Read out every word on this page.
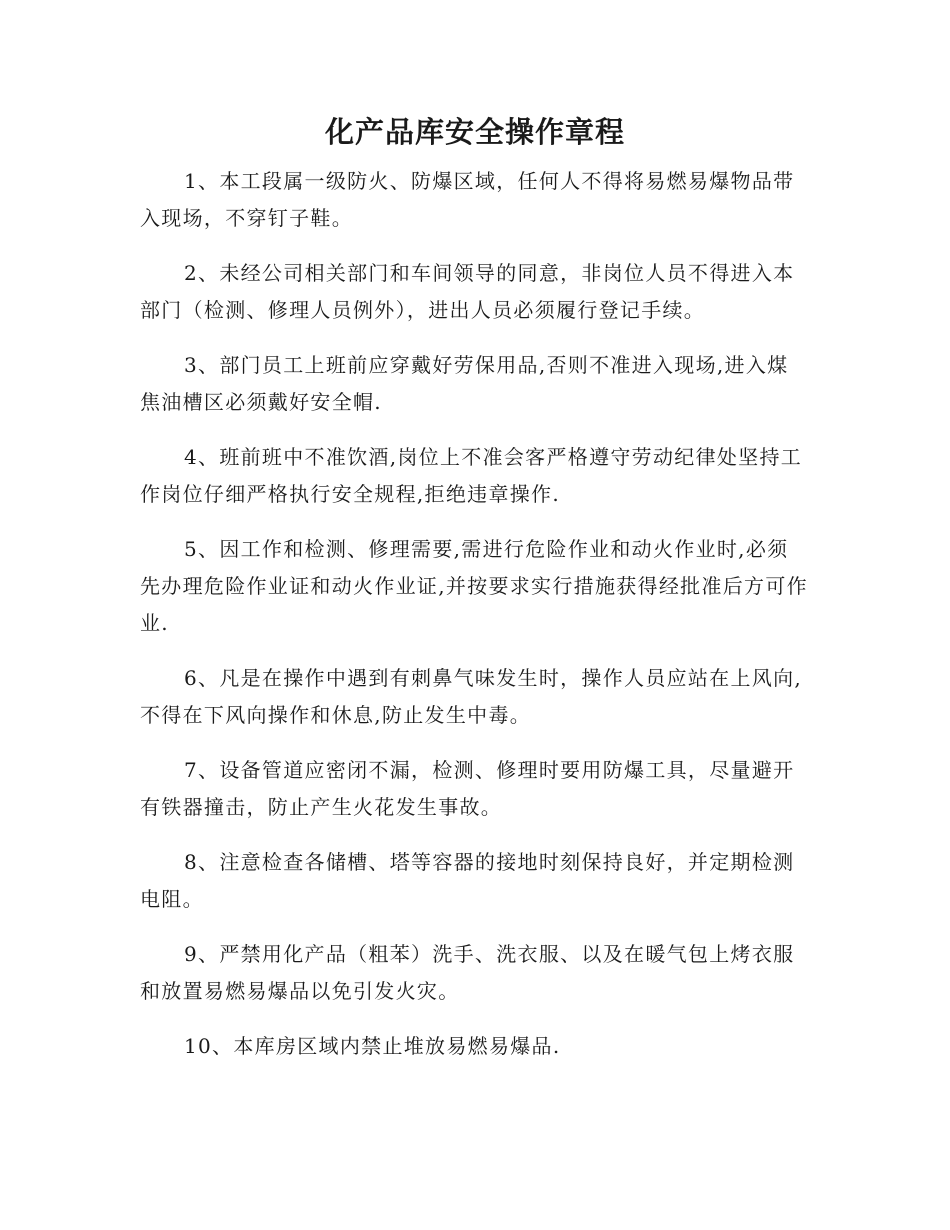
化产品库安全操作章程

1、本工段属一级防火、防爆区域，任何人不得将易燃易爆物品带入现场，不穿钉子鞋。

2、未经公司相关部门和车间领导的同意，非岗位人员不得进入本部门（检测、修理人员例外），进出人员必须履行登记手续。

3、部门员工上班前应穿戴好劳保用品,否则不准进入现场,进入煤焦油槽区必须戴好安全帽.

4、班前班中不准饮酒,岗位上不准会客严格遵守劳动纪律处坚持工作岗位仔细严格执行安全规程,拒绝违章操作.

5、因工作和检测、修理需要,需进行危险作业和动火作业时,必须先办理危险作业证和动火作业证,并按要求实行措施获得经批准后方可作业.

6、凡是在操作中遇到有刺鼻气味发生时，操作人员应站在上风向,不得在下风向操作和休息,防止发生中毒。

7、设备管道应密闭不漏，检测、修理时要用防爆工具，尽量避开有铁器撞击，防止产生火花发生事故。

8、注意检查各储槽、塔等容器的接地时刻保持良好，并定期检测电阻。

9、严禁用化产品（粗苯）洗手、洗衣服、以及在暖气包上烤衣服和放置易燃易爆品以免引发火灾。

10、本库房区域内禁止堆放易燃易爆品.
